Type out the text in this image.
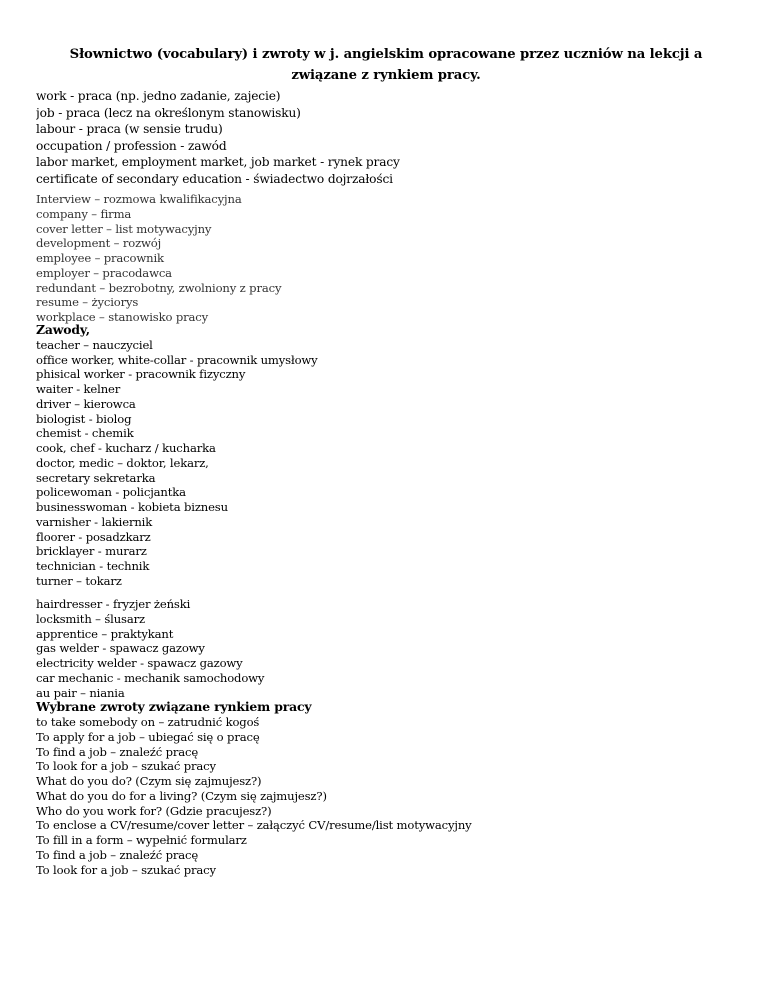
Słownictwo (vocabulary) i zwroty w j. angielskim opracowane przez uczniów na lekcji a związane z rynkiem pracy.
work - praca (np. jedno zadanie, zajecie)
job - praca (lecz na określonym stanowisku)
labour - praca (w sensie trudu)
occupation / profession - zawód
labor market, employment market, job market - rynek pracy
certificate of secondary education - świadectwo dojrzałości
Interview – rozmowa kwalifikacyjna
company – firma
cover letter – list motywacyjny
development – rozwój
employee – pracownik
employer – pracodawca
redundant – bezrobotny, zwolniony z pracy
resume – życiorys
workplace – stanowisko pracy
Zawody,
teacher – nauczyciel
office worker, white-collar - pracownik umysłowy
phisical worker - pracownik fizyczny
waiter - kelner
driver – kierowca
biologist - biolog
chemist - chemik
cook, chef - kucharz / kucharka
doctor, medic – doktor, lekarz,
secretary sekretarka
policewoman - policjantka
businesswoman - kobieta biznesu
varnisher - lakiernik
floorer - posadzkarz
bricklayer - murarz
technician - technik
turner – tokarz
hairdresser - fryzjer żeński
locksmith – ślusarz
apprentice – praktykant
gas welder - spawacz gazowy
electricity welder - spawacz gazowy
car mechanic - mechanik samochodowy
au pair – niania
Wybrane zwroty związane rynkiem pracy
to take somebody on – zatrudnić kogoś
To apply for a job – ubiegać się o pracę
To find a job – znaleźć pracę
To look for a job – szukać pracy
What do you do? (Czym się zajmujesz?)
What do you do for a living? (Czym się zajmujesz?)
Who do you work for? (Gdzie pracujesz?)
To enclose a CV/resume/cover letter – załączyć CV/resume/list motywacyjny
To fill in a form – wypełnić formularz
To find a job – znaleźć pracę
To look for a job – szukać pracy
